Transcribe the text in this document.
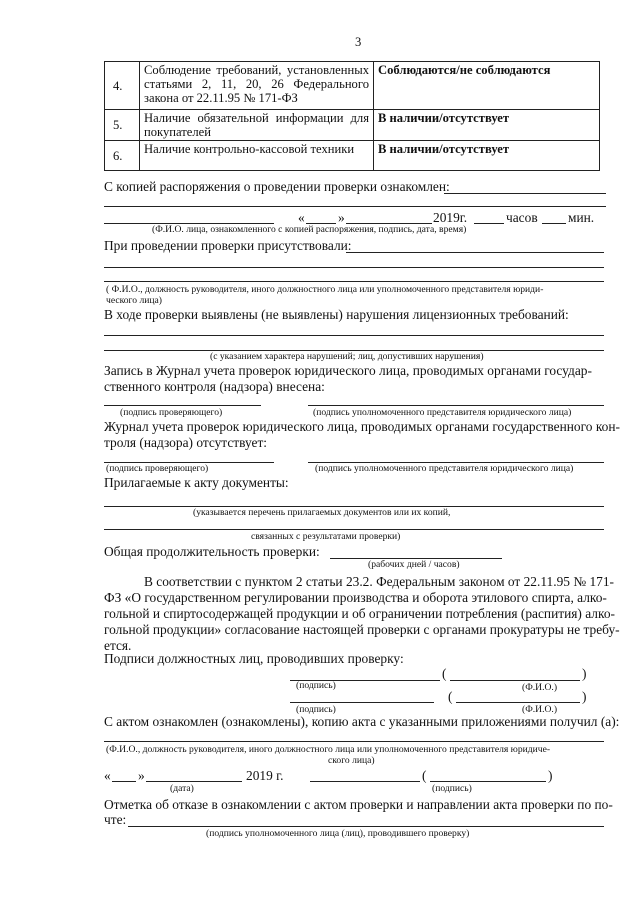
3
4.	Соблюдение требований, установленных статьями 2, 11, 20, 26 Федерального закона от 22.11.95 № 171-ФЗ	Соблюдаются/не соблюдаются
5.	Наличие обязательной информации для покупателей	В наличии/отсутствует
6.	Наличие контрольно-кассовой техники	В наличии/отсутствует
С копией распоряжения о проведении проверки ознакомлен:
« »	2019г.	часов мин.
(Ф.И.О. лица, ознакомленного с копией распоряжения, подпись, дата, время)
При проведении проверки присутствовали:
( Ф.И.О., должность руководителя, иного должностного лица или уполномоченного представителя юриди-
ческого лица)
В ходе проверки выявлены (не выявлены) нарушения лицензионных требований:
(с указанием характера нарушений; лиц, допустивших нарушения)
Запись в Журнал учета проверок юридического лица, проводимых органами государ-
ственного контроля (надзора) внесена:
(подпись проверяющего)	(подпись уполномоченного представителя юридического лица)
Журнал учета проверок юридического лица, проводимых органами государственного кон-
троля (надзора) отсутствует:
(подпись проверяющего)	(подпись уполномоченного представителя юридического лица)
Прилагаемые к акту документы:
(указывается перечень прилагаемых документов или их копий,
связанных с результатами проверки)
Общая продолжительность проверки:
(рабочих дней / часов)
В соответствии с пунктом 2 статьи 23.2. Федеральным законом от 22.11.95 № 171-
ФЗ «О государственном регулировании производства и оборота этилового спирта, алко-
гольной и спиртосодержащей продукции и об ограничении потребления (распития) алко-
гольной продукции» согласование настоящей проверки с органами прокуратуры не требу-
ется.
Подписи должностных лиц, проводивших проверку:
(	)
(подпись)	(Ф.И.О.)
(	)
(подпись)	(Ф.И.О.)
С актом ознакомлен (ознакомлены), копию акта с указанными приложениями получил (а):
(Ф.И.О., должность руководителя, иного должностного лица или уполномоченного представителя юридиче-
ского лица)
« »	2019 г.	(	)
(дата)	(подпись)
Отметка об отказе в ознакомлении с актом проверки и направлении акта проверки по по-
чте:
(подпись уполномоченного лица (лиц), проводившего проверку)
